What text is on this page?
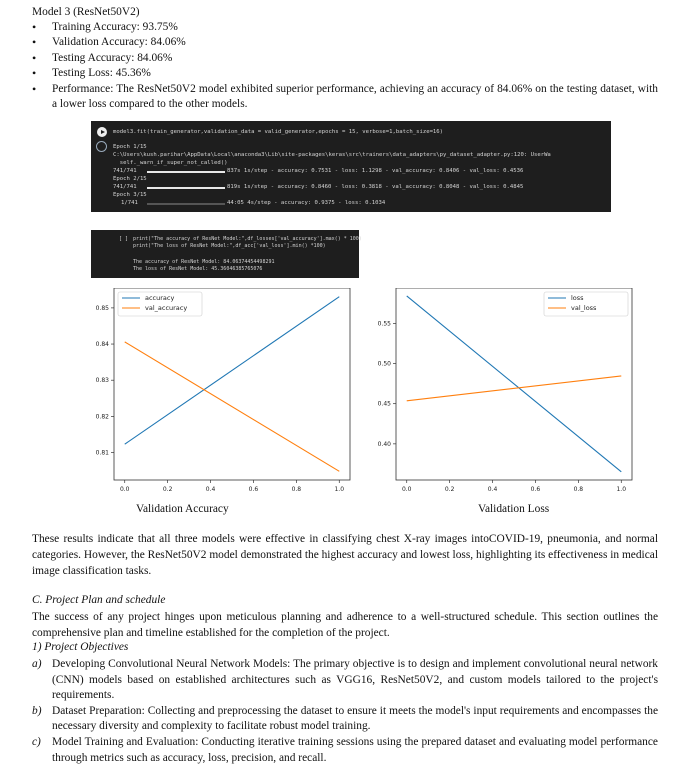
Model 3 (ResNet50V2)
• Training Accuracy: 93.75%
• Validation Accuracy: 84.06%
• Testing Accuracy: 84.06%
• Testing Loss: 45.36%
• Performance: The ResNet50V2 model exhibited superior performance, achieving an accuracy of 84.06% on the testing dataset, with a lower loss compared to the other models.
model3.fit(train_generator,validation_data = valid_generator,epochs = 15, verbose=1,batch_size=16)
Epoch 1/15
C:\Users\kush.parihar\AppData\Local\anaconda3\Lib\site-packages\keras\src\trainers\data_adapters\py_dataset_adapter.py:120: UserWa
self._warn_if_super_not_called()
741/741	837s 1s/step - accuracy: 0.7531 - loss: 1.1298 - val_accuracy: 0.8406 - val_loss: 0.4536
Epoch 2/15
741/741	819s 1s/step - accuracy: 0.8460 - loss: 0.3818 - val_accuracy: 0.8048 - val_loss: 0.4845
Epoch 3/15
1/741	44:05 4s/step - accuracy: 0.9375 - loss: 0.1034
[ ] print("The accuracy of ResNet Model:",df_losses['val_accuracy'].max() * 100)
print("The loss of ResNet Model:",df_acc['val_loss'].min() *100)
The accuracy of ResNet Model: 84.06374454498291
The loss of ResNet Model: 45.36046385765076
0.0	0.2	0.4	0.6	0.8	1.0
0.81
0.82
0.83
0.84
0.85
accuracy
val_accuracy
0.0	0.2	0.4	0.6	0.8	1.0
0.40
0.45
0.50
0.55
loss
val_loss
Validation Accuracy	Validation Loss
These results indicate that all three models were effective in classifying chest X-ray images intoCOVID-19, pneumonia, and normal categories. However, the ResNet50V2 model demonstrated the highest accuracy and lowest loss, highlighting its effectiveness in medical image classification tasks.
C. Project Plan and schedule
The success of any project hinges upon meticulous planning and adherence to a well-structured schedule. This section outlines the comprehensive plan and timeline established for the completion of the project.
1) Project Objectives
a) Developing Convolutional Neural Network Models: The primary objective is to design and implement convolutional neural network (CNN) models based on established architectures such as VGG16, ResNet50V2, and custom models tailored to the project's requirements.
b) Dataset Preparation: Collecting and preprocessing the dataset to ensure it meets the model's input requirements and encompasses the necessary diversity and complexity to facilitate robust model training.
c) Model Training and Evaluation: Conducting iterative training sessions using the prepared dataset and evaluating model performance through metrics such as accuracy, loss, precision, and recall.
